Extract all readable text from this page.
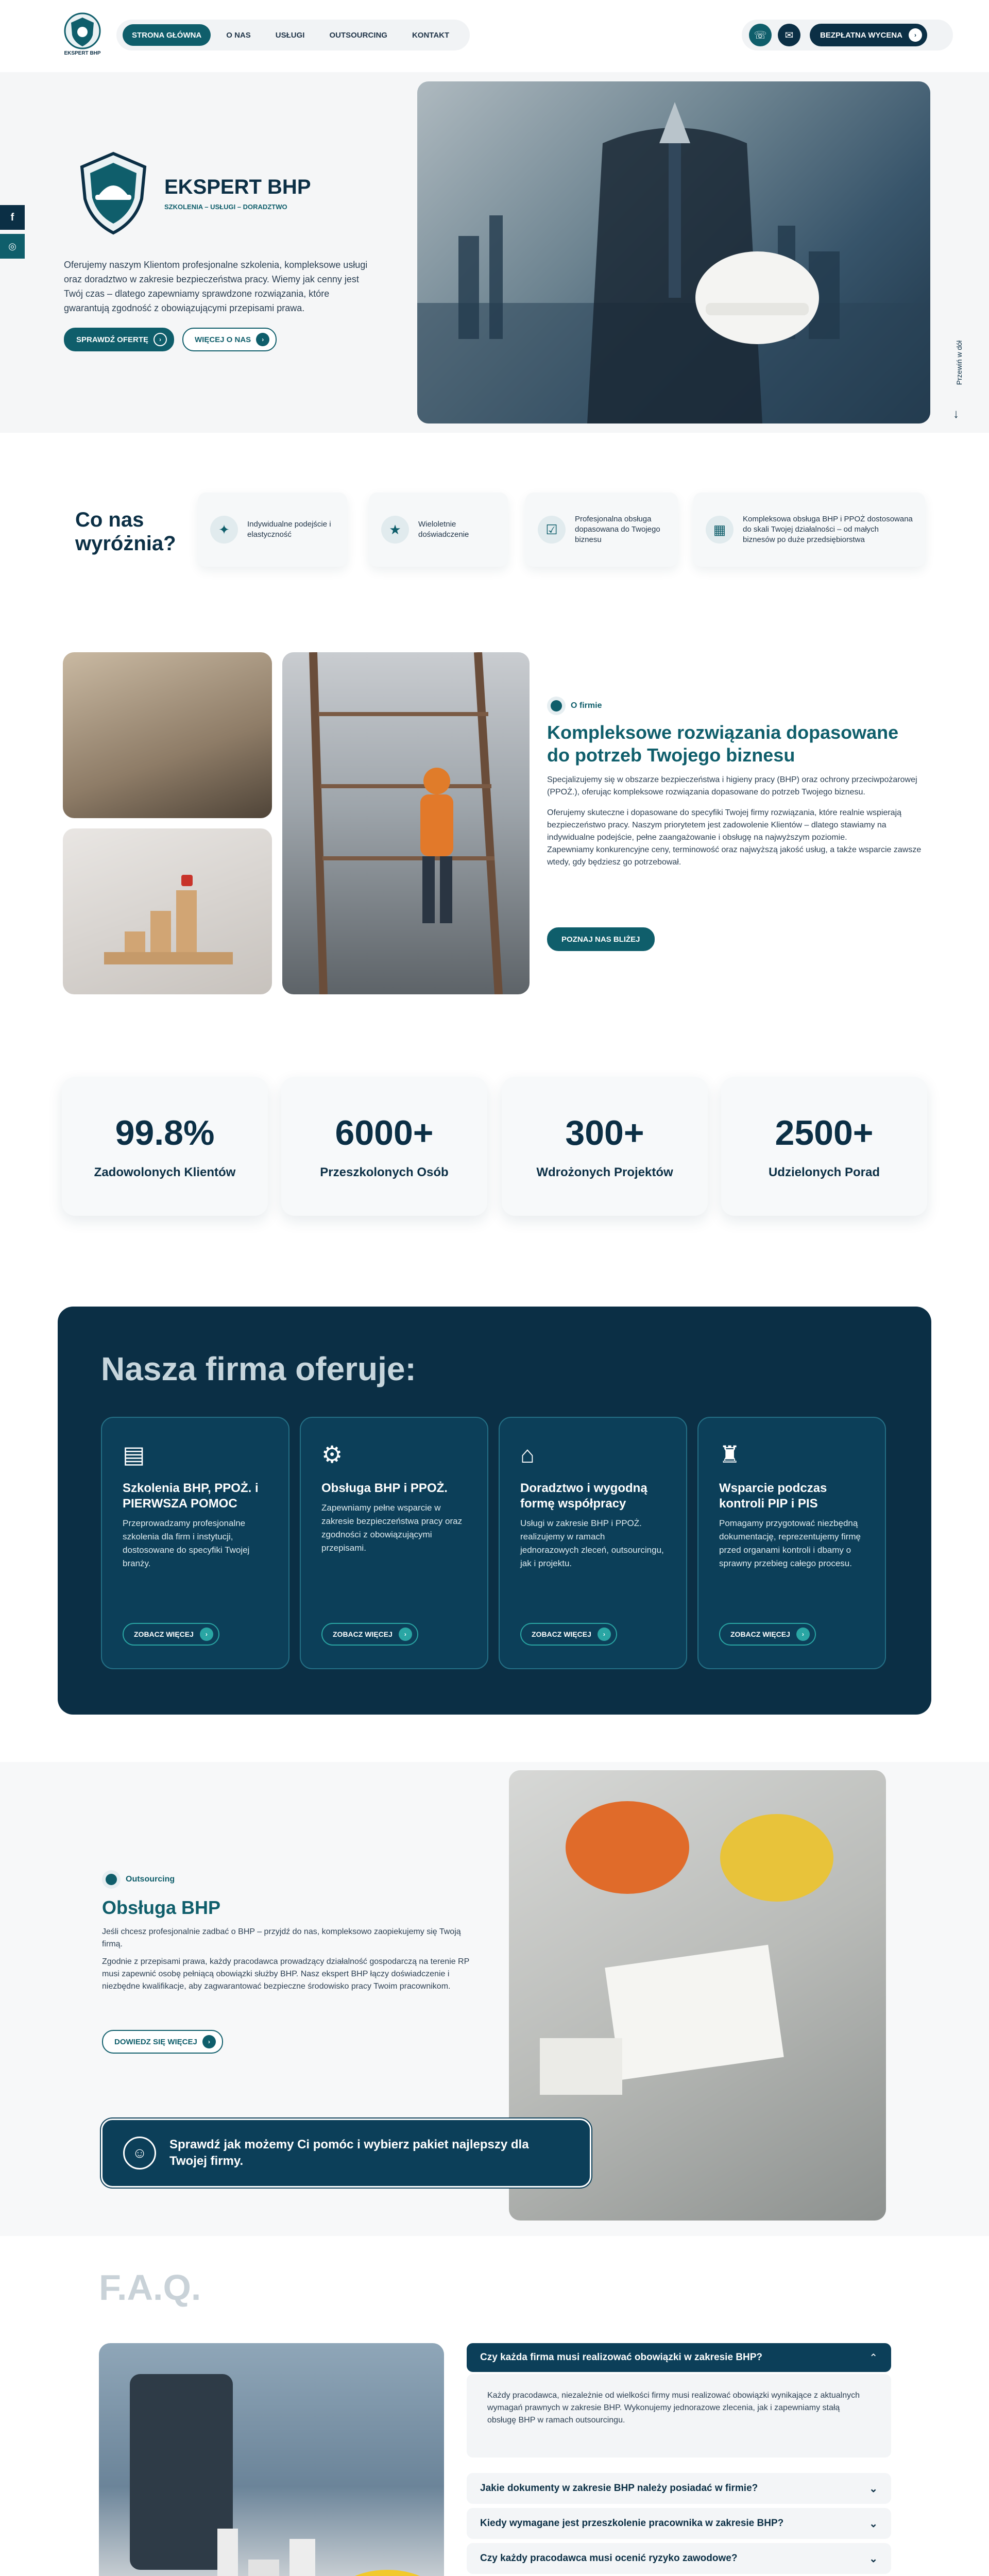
EKSPERT BHP
STRONA GŁÓWNA	O NAS	USŁUGI	OUTSOURCING	KONTAKT	☏	✉	BEZPŁATNA WYCENA	›
f
◎
EKSPERT BHP
SZKOLENIA – USŁUGI – DORADZTWO
Oferujemy naszym Klientom profesjonalne szkolenia, kompleksowe usługi oraz doradztwo w zakresie bezpieczeństwa pracy. Wiemy jak cenny jest Twój czas – dlatego zapewniamy sprawdzone rozwiązania, które gwarantują zgodność z obowiązującymi przepisami prawa.
SPRAWDŹ OFERTĘ	›	WIĘCEJ O NAS	›
Przewiń w dół
↓
Co nas wyróżnia?
✦	Indywidualne podejście i elastyczność	★	Wieloletnie doświadczenie	☑
Profesjonalna obsługa dopasowana do Twojego biznesu
▦
Kompleksowa obsługa BHP i PPOŻ dostosowana do skali Twojej działalności – od małych biznesów po duże przedsiębiorstwa
O firmie
Kompleksowe rozwiązania dopasowane do potrzeb Twojego biznesu

Specjalizujemy się w obszarze bezpieczeństwa i higieny pracy (BHP) oraz ochrony przeciwpożarowej (PPOŻ.), oferując kompleksowe rozwiązania dopasowane do potrzeb Twojego biznesu.

Oferujemy skuteczne i dopasowane do specyfiki Twojej firmy rozwiązania, które realnie wspierają bezpieczeństwo pracy. Naszym priorytetem jest zadowolenie Klientów – dlatego stawiamy na indywidualne podejście, pełne zaangażowanie i obsługę na najwyższym poziomie.

Zapewniamy konkurencyjne ceny, terminowość oraz najwyższą jakość usług, a także wsparcie zawsze wtedy, gdy będziesz go potrzebował.

POZNAJ NAS BLIŻEJ
99.8%
Zadowolonych Klientów
6000+
Przeszkolonych Osób
300+
Wdrożonych Projektów
2500+
Udzielonych Porad
Nasza firma oferuje:
▤
Szkolenia BHP, PPOŻ. i PIERWSZA POMOC

Przeprowadzamy profesjonalne szkolenia dla firm i instytucji, dostosowane do specyfiki Twojej branży.

ZOBACZ WIĘCEJ	›
⚙
Obsługa BHP i PPOŻ.

Zapewniamy pełne wsparcie w zakresie bezpieczeństwa pracy oraz zgodności z obowiązującymi przepisami.

ZOBACZ WIĘCEJ	›
⌂
Doradztwo i wygodną formę współpracy

Usługi w zakresie BHP i PPOŻ. realizujemy w ramach jednorazowych zleceń, outsourcingu, jak i projektu.

ZOBACZ WIĘCEJ	›
♜
Wsparcie podczas kontroli PIP i PIS

Pomagamy przygotować niezbędną dokumentację, reprezentujemy firmę przed organami kontroli i dbamy o sprawny przebieg całego procesu.

ZOBACZ WIĘCEJ	›
Outsourcing
Obsługa BHP

Jeśli chcesz profesjonalnie zadbać o BHP – przyjdź do nas, kompleksowo zaopiekujemy się Twoją firmą.

Zgodnie z przepisami prawa, każdy pracodawca prowadzący działalność gospodarczą na terenie RP musi zapewnić osobę pełniącą obowiązki służby BHP. Nasz ekspert BHP łączy doświadczenie i niezbędne kwalifikacje, aby zagwarantować bezpieczne środowisko pracy Twoim pracownikom.

DOWIEDZ SIĘ WIĘCEJ	›
☺
Sprawdź jak możemy Ci pomóc i wybierz pakiet najlepszy dla Twojej firmy.
F.A.Q.
Czy każda firma musi realizować obowiązki w zakresie BHP?	⌃

Każdy pracodawca, niezależnie od wielkości firmy musi realizować obowiązki wynikające z aktualnych wymagań prawnych w zakresie BHP. Wykonujemy jednorazowe zlecenia, jak i zapewniamy stałą obsługę BHP w ramach outsourcingu.

Jakie dokumenty w zakresie BHP należy posiadać w firmie?	⌄
Kiedy wymagane jest przeszkolenie pracownika w zakresie BHP?	⌄
Czy każdy pracodawca musi ocenić ryzyko zawodowe?	⌄
